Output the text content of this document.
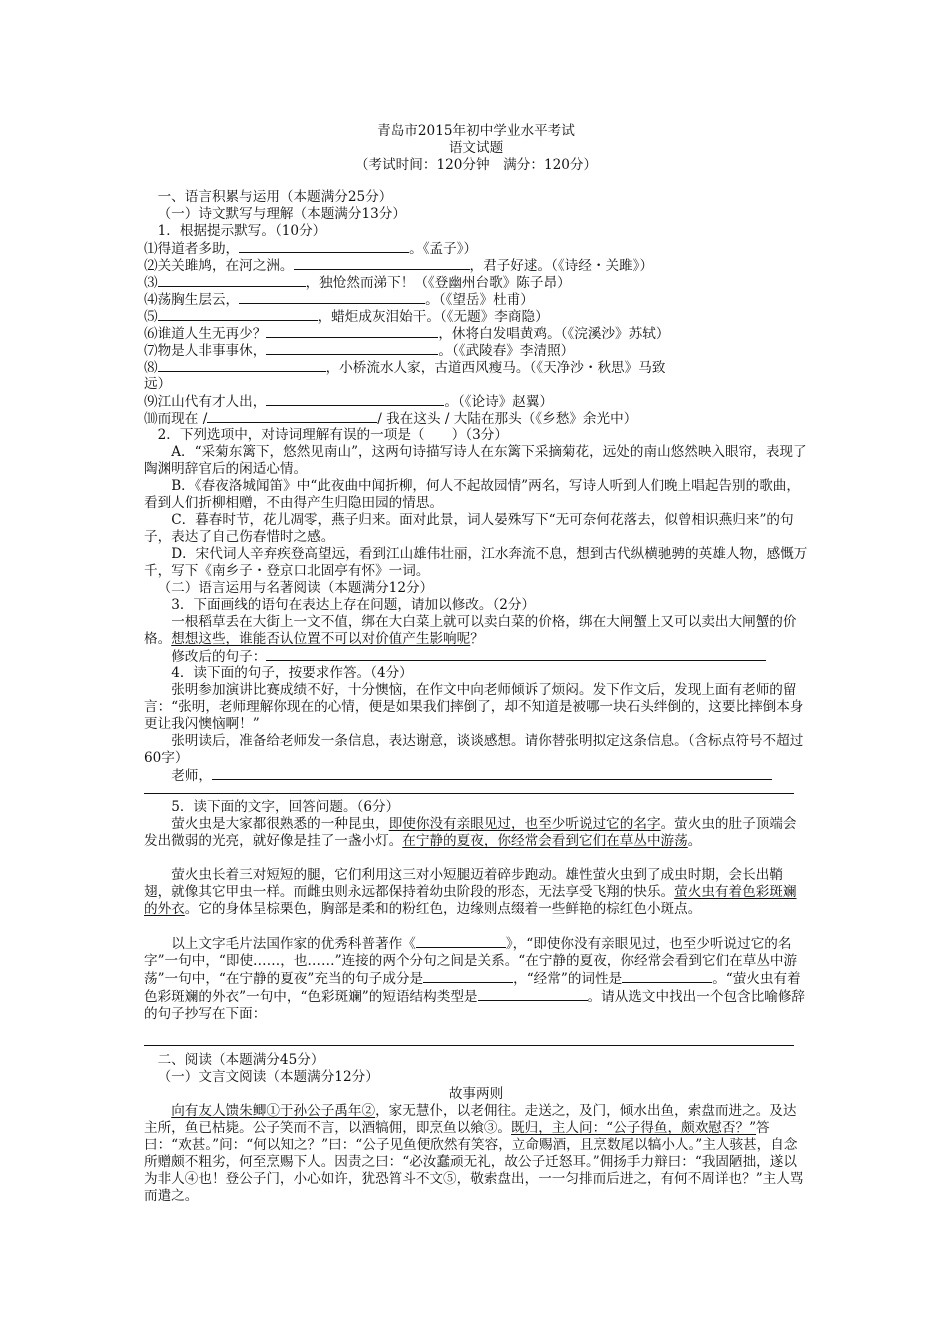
青岛市2015年初中学业水平考试
语文试题
（考试时间：120分钟　满分：120分）
一、语言积累与运用（本题满分25分）
（一）诗文默写与理解（本题满分13分）
1．根据提示默写。（10分）
⑴得道者多助，	。《孟子》）
⑵关关雎鸠，在河之洲。	，君子好逑。（《诗经・关雎》）
⑶	，独怆然而涕下！（《登幽州台歌》陈子昂）
⑷荡胸生层云，	。（《望岳》杜甫）
⑸	，蜡炬成灰泪始干。（《无题》李商隐）
⑹谁道人生无再少？	，休将白发唱黄鸡。（《浣溪沙》苏轼）
⑺物是人非事事休，	。（《武陵春》李清照）
⑻	，小桥流水人家，古道西风瘦马。（《天净沙・秋思》马致
远）
⑼江山代有才人出，	。（《论诗》赵翼）
⑽而现在 /	/ 我在这头 / 大陆在那头（《乡愁》余光中）
2．下列选项中，对诗词理解有误的一项是（　　）（3分）
A．“采菊东篱下，悠然见南山”，这两句诗描写诗人在东篱下采摘菊花，远处的南山悠然映入眼帘，表现了陶渊明辞官后的闲适心情。
B．《春夜洛城闻笛》中“此夜曲中闻折柳，何人不起故园情”两名，写诗人听到人们晚上唱起告别的歌曲，看到人们折柳相赠，不由得产生归隐田园的情思。
C．暮春时节，花儿凋零，燕子归来。面对此景，词人晏殊写下“无可奈何花落去，似曾相识燕归来”的句子，表达了自己伤春惜时之感。
D．宋代词人辛弃疾登高望远，看到江山雄伟壮丽，江水奔流不息，想到古代纵横驰骋的英雄人物，感慨万千，写下《南乡子・登京口北固亭有怀》一词。
（二）语言运用与名著阅读（本题满分12分）
3．下面画线的语句在表达上存在问题，请加以修改。（2分）
一根稻草丢在大街上一文不值，绑在大白菜上就可以卖白菜的价格，绑在大闸蟹上又可以卖出大闸蟹的价格。想想这些，谁能否认位置不可以对价值产生影响呢？
修改后的句子：
4．读下面的句子，按要求作答。（4分）
张明参加演讲比赛成绩不好，十分懊恼，在作文中向老师倾诉了烦闷。发下作文后，发现上面有老师的留言：“张明，老师理解你现在的心情，便是如果我们摔倒了，却不知道是被哪一块石头绊倒的，这要比摔倒本身更让我闪懊恼啊！”
张明读后，准备给老师发一条信息，表达谢意，谈谈感想。请你替张明拟定这条信息。（含标点符号不超过60字）
老师，
5．读下面的文字，回答问题。（6分）
萤火虫是大家都很熟悉的一种昆虫，即使你没有亲眼见过，也至少听说过它的名字。萤火虫的肚子顶端会发出微弱的光亮，就好像是挂了一盏小灯。在宁静的夏夜，你经常会看到它们在草丛中游荡。
萤火虫长着三对短短的腿，它们利用这三对小短腿迈着碎步跑动。雄性萤火虫到了成虫时期，会长出鞘翅，就像其它甲虫一样。而雌虫则永远都保持着幼虫阶段的形态，无法享受飞翔的快乐。萤火虫有着色彩斑斓的外衣。它的身体呈棕栗色，胸部是柔和的粉红色，边缘则点缀着一些鲜艳的棕红色小斑点。
以上文字毛片法国作家的优秀科普著作《	》，“即使你没有亲眼见过，也至少听说过它的名字”一句中，“即使……，也……”连接的两个分句之间是关系。“在宁静的夏夜，你经常会看到它们在草丛中游荡”一句中，“在宁静的夏夜”充当的句子成分是	，“经常”的词性是	。“萤火虫有着色彩斑斓的外衣”一句中，“色彩斑斓”的短语结构类型是	。请从选文中找出一个包含比喻修辞的句子抄写在下面：
二、阅读（本题满分45分）
（一）文言文阅读（本题满分12分）
故事两则
向有友人馈朱鲫①于孙公子禹年②，家无慧仆，以老佣往。走送之，及门，倾水出鱼，索盘而进之。及达主所，鱼已枯毙。公子笑而不言，以酒犒佣，即烹鱼以飨③。既归，主人问：“公子得鱼，颇欢慰否？”答曰：“欢甚。”问：“何以知之？”曰：“公子见鱼便欣然有笑容，立命赐酒，且烹数尾以犒小人。”主人骇甚，自念所赠颇不粗劣，何至烹赐下人。因责之曰：“必汝蠢顽无礼，故公子迁怒耳。”佣扬手力辩曰：“我固陋拙，遂以为非人④也！登公子门，小心如许，犹恐筲斗不文⑤，敬索盘出，一一匀排而后进之，有何不周详也？”主人骂而遣之。
